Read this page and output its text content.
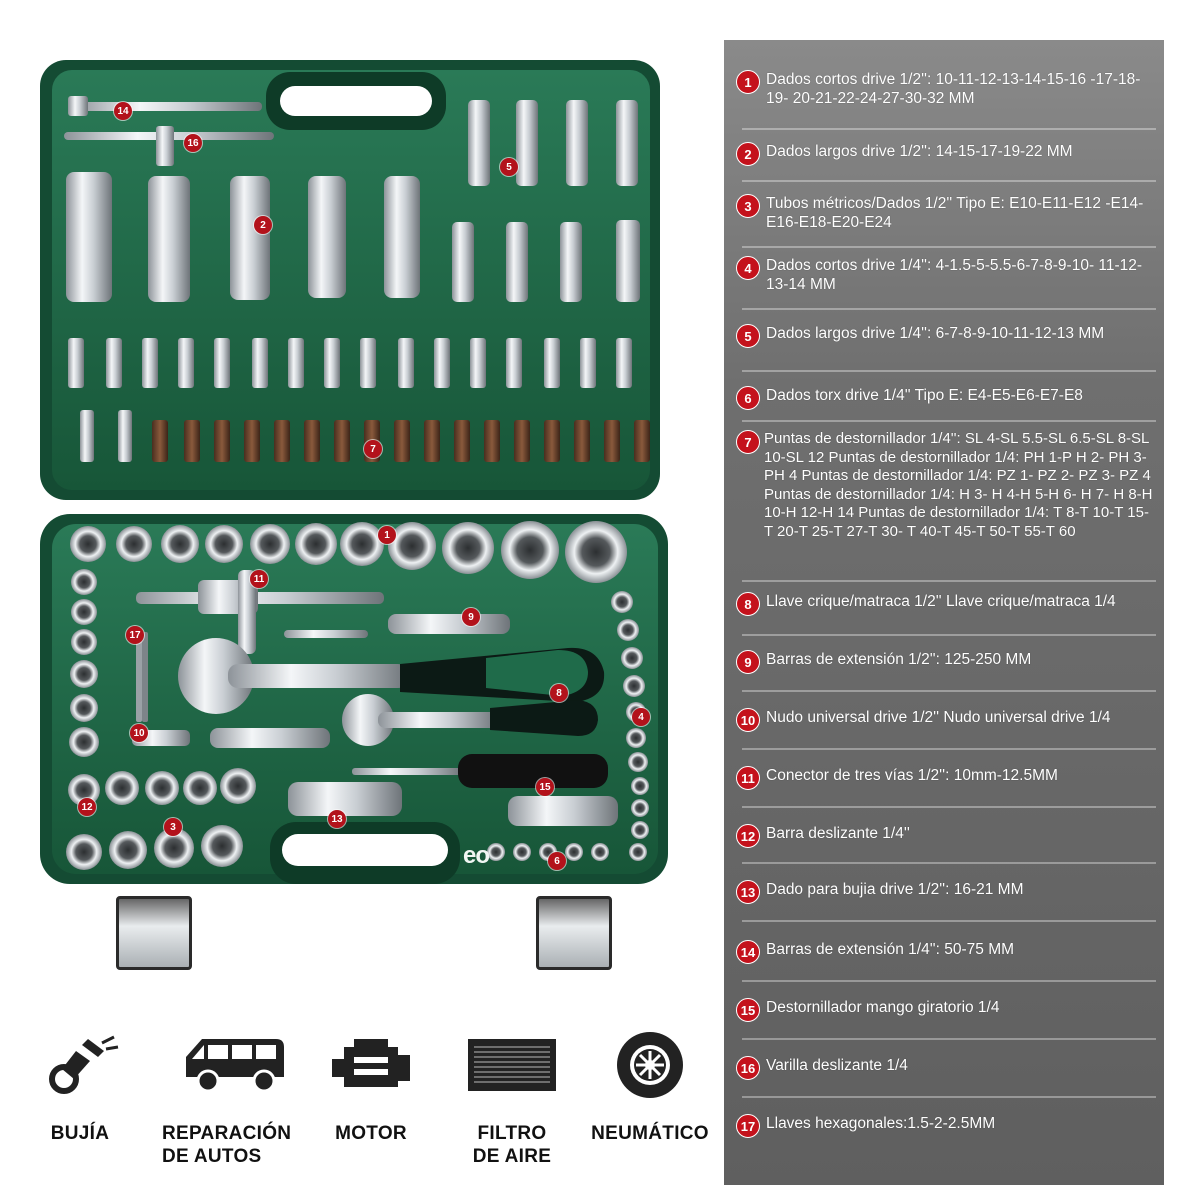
eo
14
16
5
2
7
1
11
9
17
8
10
4
15
12
13
3
6
BUJÍA	REPARACIÓN
DE AUTOS
MOTOR	FILTRO
DE AIRE
NEUMÁTICO
1 Dados cortos drive 1/2'': 10-11-12-13-14-15-16 -17-18-19- 20-21-22-24-27-30-32 MM
2 Dados largos drive 1/2'': 14-15-17-19-22 MM
3 Tubos métricos/Dados 1/2'' Tipo E: E10-E11-E12 -E14-E16-E18-E20-E24
4 Dados cortos drive 1/4'': 4-1.5-5-5.5-6-7-8-9-10- 11-12-13-14 MM
5 Dados largos drive 1/4'': 6-7-8-9-10-11-12-13 MM
6 Dados torx drive 1/4'' Tipo E: E4-E5-E6-E7-E8
7 Puntas de destornillador 1/4'': SL 4-SL 5.5-SL 6.5-SL 8-SL 10-SL 12 Puntas de destornillador 1/4: PH 1-P H 2- PH 3- PH 4 Puntas de destornillador 1/4: PZ 1- PZ 2- PZ 3- PZ 4 Puntas de destornillador 1/4: H 3- H 4-H 5-H 6- H 7- H 8-H 10-H 12-H 14 Puntas de destornillador 1/4: T 8-T 10-T 15-T 20-T 25-T 27-T 30- T 40-T 45-T 50-T 55-T 60
8 Llave crique/matraca 1/2'' Llave crique/matraca 1/4
9 Barras de extensión 1/2'': 125-250 MM
10 Nudo universal drive 1/2'' Nudo universal drive 1/4
11 Conector de tres vías 1/2'': 10mm-12.5MM
12 Barra deslizante 1/4''
13 Dado para bujia drive 1/2'': 16-21 MM
14 Barras de extensión 1/4'': 50-75 MM
15 Destornillador mango giratorio 1/4
16 Varilla deslizante 1/4
17 Llaves hexagonales:1.5-2-2.5MM
